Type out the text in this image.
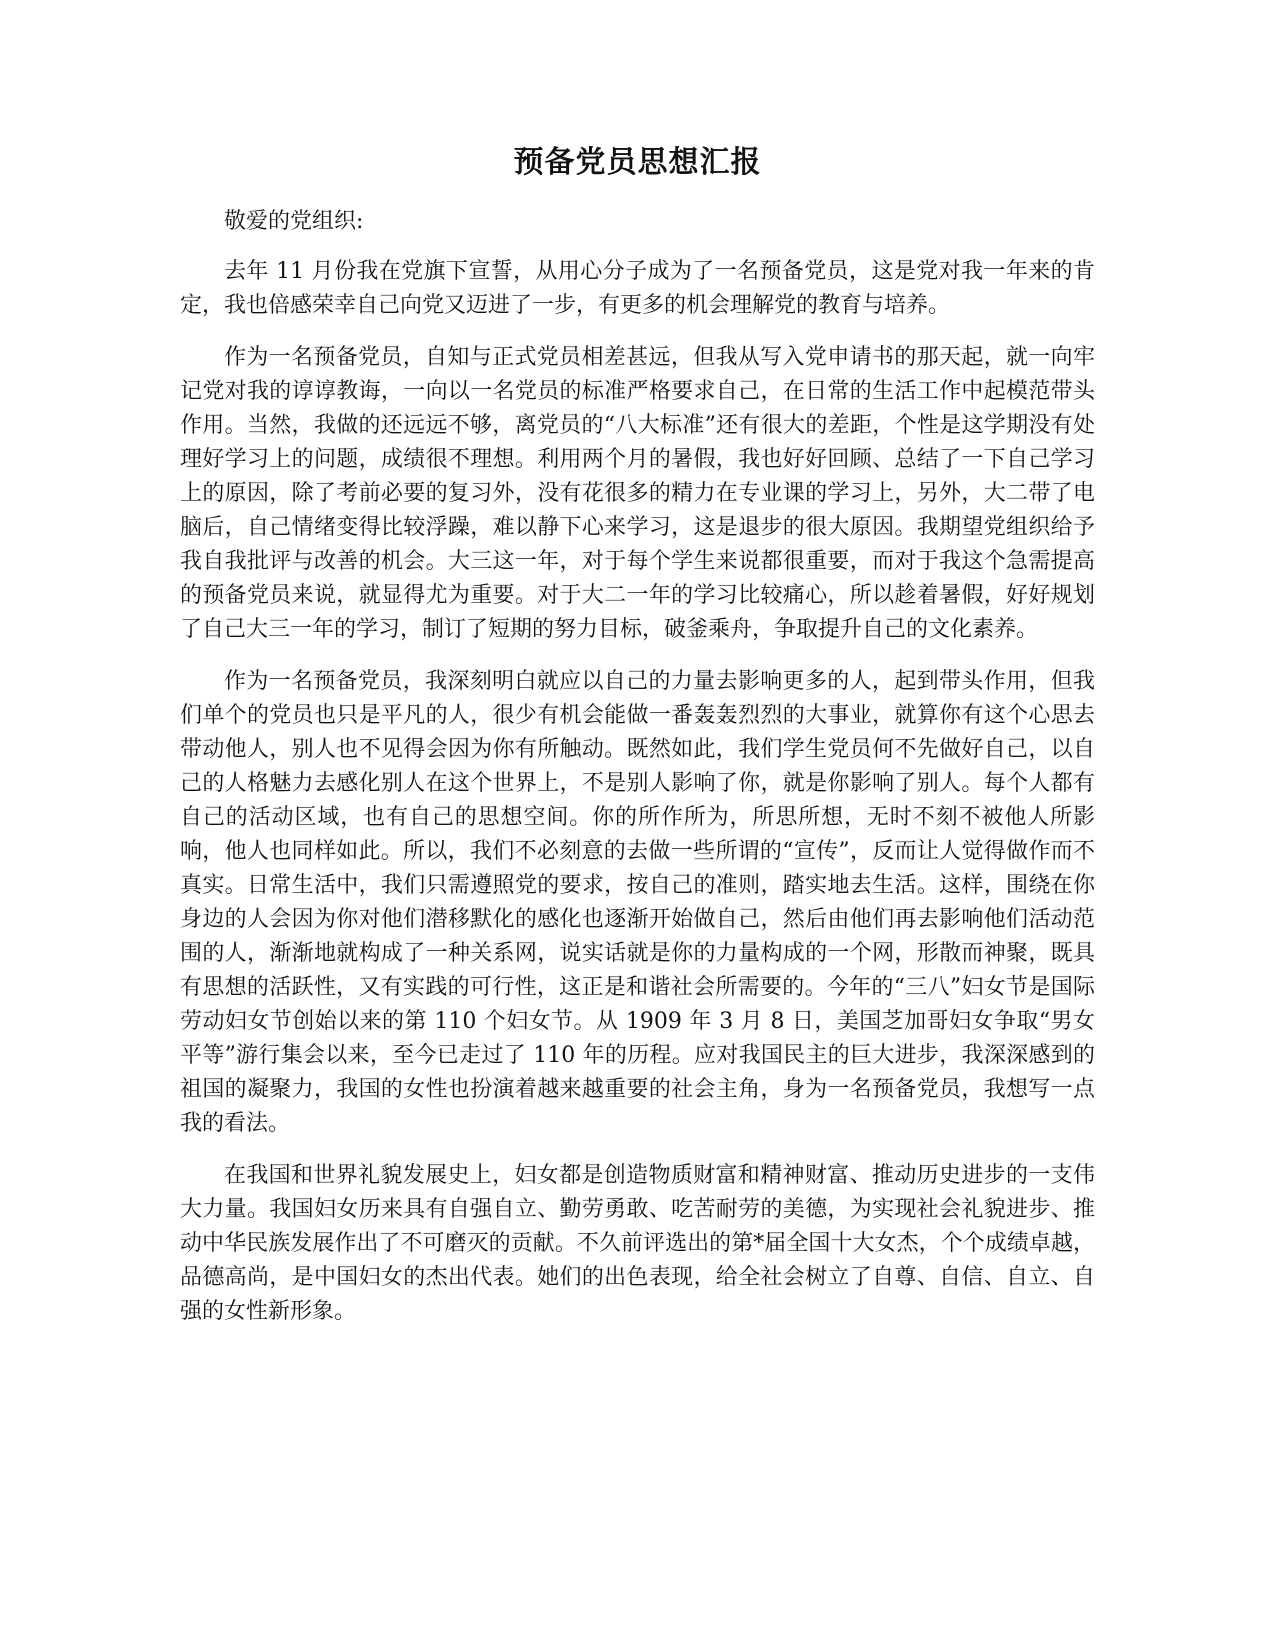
预备党员思想汇报

敬爱的党组织:

去年 11 月份我在党旗下宣誓，从用心分子成为了一名预备党员，这是党对我一年来的肯定，我也倍感荣幸自己向党又迈进了一步，有更多的机会理解党的教育与培养。

作为一名预备党员，自知与正式党员相差甚远，但我从写入党申请书的那天起，就一向牢记党对我的谆谆教诲，一向以一名党员的标准严格要求自己，在日常的生活工作中起模范带头作用。当然，我做的还远远不够，离党员的“八大标准”还有很大的差距，个性是这学期没有处理好学习上的问题，成绩很不理想。利用两个月的暑假，我也好好回顾、总结了一下自己学习上的原因，除了考前必要的复习外，没有花很多的精力在专业课的学习上，另外，大二带了电脑后，自己情绪变得比较浮躁，难以静下心来学习，这是退步的很大原因。我期望党组织给予我自我批评与改善的机会。大三这一年，对于每个学生来说都很重要，而对于我这个急需提高的预备党员来说，就显得尤为重要。对于大二一年的学习比较痛心，所以趁着暑假，好好规划了自己大三一年的学习，制订了短期的努力目标，破釜乘舟，争取提升自己的文化素养。

作为一名预备党员，我深刻明白就应以自己的力量去影响更多的人，起到带头作用，但我们单个的党员也只是平凡的人，很少有机会能做一番轰轰烈烈的大事业，就算你有这个心思去带动他人，别人也不见得会因为你有所触动。既然如此，我们学生党员何不先做好自己，以自己的人格魅力去感化别人在这个世界上，不是别人影响了你，就是你影响了别人。每个人都有自己的活动区域，也有自己的思想空间。你的所作所为，所思所想，无时不刻不被他人所影响，他人也同样如此。所以，我们不必刻意的去做一些所谓的“宣传”，反而让人觉得做作而不真实。日常生活中，我们只需遵照党的要求，按自己的准则，踏实地去生活。这样，围绕在你身边的人会因为你对他们潜移默化的感化也逐渐开始做自己，然后由他们再去影响他们活动范围的人，渐渐地就构成了一种关系网，说实话就是你的力量构成的一个网，形散而神聚，既具有思想的活跃性，又有实践的可行性，这正是和谐社会所需要的。今年的“三八”妇女节是国际劳动妇女节创始以来的第 110 个妇女节。从 1909 年 3 月 8 日，美国芝加哥妇女争取“男女平等”游行集会以来，至今已走过了 110 年的历程。应对我国民主的巨大进步，我深深感到的祖国的凝聚力，我国的女性也扮演着越来越重要的社会主角，身为一名预备党员，我想写一点我的看法。

在我国和世界礼貌发展史上，妇女都是创造物质财富和精神财富、推动历史进步的一支伟大力量。我国妇女历来具有自强自立、勤劳勇敢、吃苦耐劳的美德，为实现社会礼貌进步、推动中华民族发展作出了不可磨灭的贡献。不久前评选出的第*届全国十大女杰，个个成绩卓越，品德高尚，是中国妇女的杰出代表。她们的出色表现，给全社会树立了自尊、自信、自立、自强的女性新形象。
